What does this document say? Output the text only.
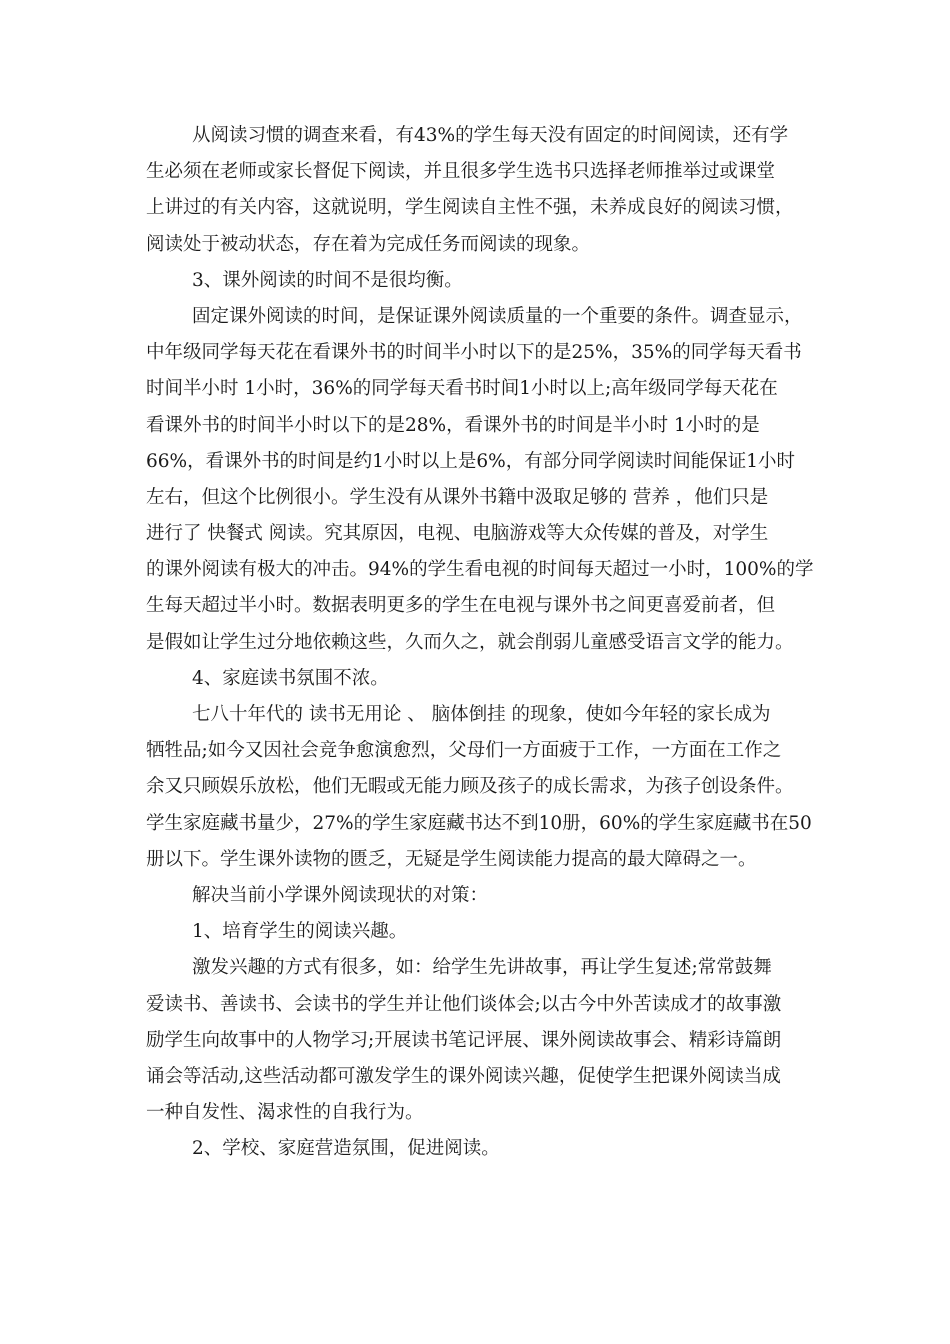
从阅读习惯的调查来看，有43%的学生每天没有固定的时间阅读，还有学
生必须在老师或家长督促下阅读，并且很多学生选书只选择老师推举过或课堂
上讲过的有关内容，这就说明，学生阅读自主性不强，未养成良好的阅读习惯，
阅读处于被动状态，存在着为完成任务而阅读的现象。
3、课外阅读的时间不是很均衡。
固定课外阅读的时间，是保证课外阅读质量的一个重要的条件。调查显示，
中年级同学每天花在看课外书的时间半小时以下的是25%，35%的同学每天看书
时间半小时 1小时，36%的同学每天看书时间1小时以上;高年级同学每天花在
看课外书的时间半小时以下的是28%，看课外书的时间是半小时 1小时的是
66%，看课外书的时间是约1小时以上是6%，有部分同学阅读时间能保证1小时
左右，但这个比例很小。学生没有从课外书籍中汲取足够的 营养 ，他们只是
进行了 快餐式 阅读。究其原因，电视、电脑游戏等大众传媒的普及，对学生
的课外阅读有极大的冲击。94%的学生看电视的时间每天超过一小时，100%的学
生每天超过半小时。数据表明更多的学生在电视与课外书之间更喜爱前者，但
是假如让学生过分地依赖这些，久而久之，就会削弱儿童感受语言文学的能力。
4、家庭读书氛围不浓。
七八十年代的 读书无用论 、 脑体倒挂 的现象，使如今年轻的家长成为
牺牲品;如今又因社会竞争愈演愈烈，父母们一方面疲于工作，一方面在工作之
余又只顾娱乐放松，他们无暇或无能力顾及孩子的成长需求，为孩子创设条件。
学生家庭藏书量少，27%的学生家庭藏书达不到10册，60%的学生家庭藏书在50
册以下。学生课外读物的匮乏，无疑是学生阅读能力提高的最大障碍之一。
解决当前小学课外阅读现状的对策：
1、培育学生的阅读兴趣。
激发兴趣的方式有很多，如：给学生先讲故事，再让学生复述;常常鼓舞
爱读书、善读书、会读书的学生并让他们谈体会;以古今中外苦读成才的故事激
励学生向故事中的人物学习;开展读书笔记评展、课外阅读故事会、精彩诗篇朗
诵会等活动,这些活动都可激发学生的课外阅读兴趣，促使学生把课外阅读当成
一种自发性、渴求性的自我行为。
2、学校、家庭营造氛围，促进阅读。
